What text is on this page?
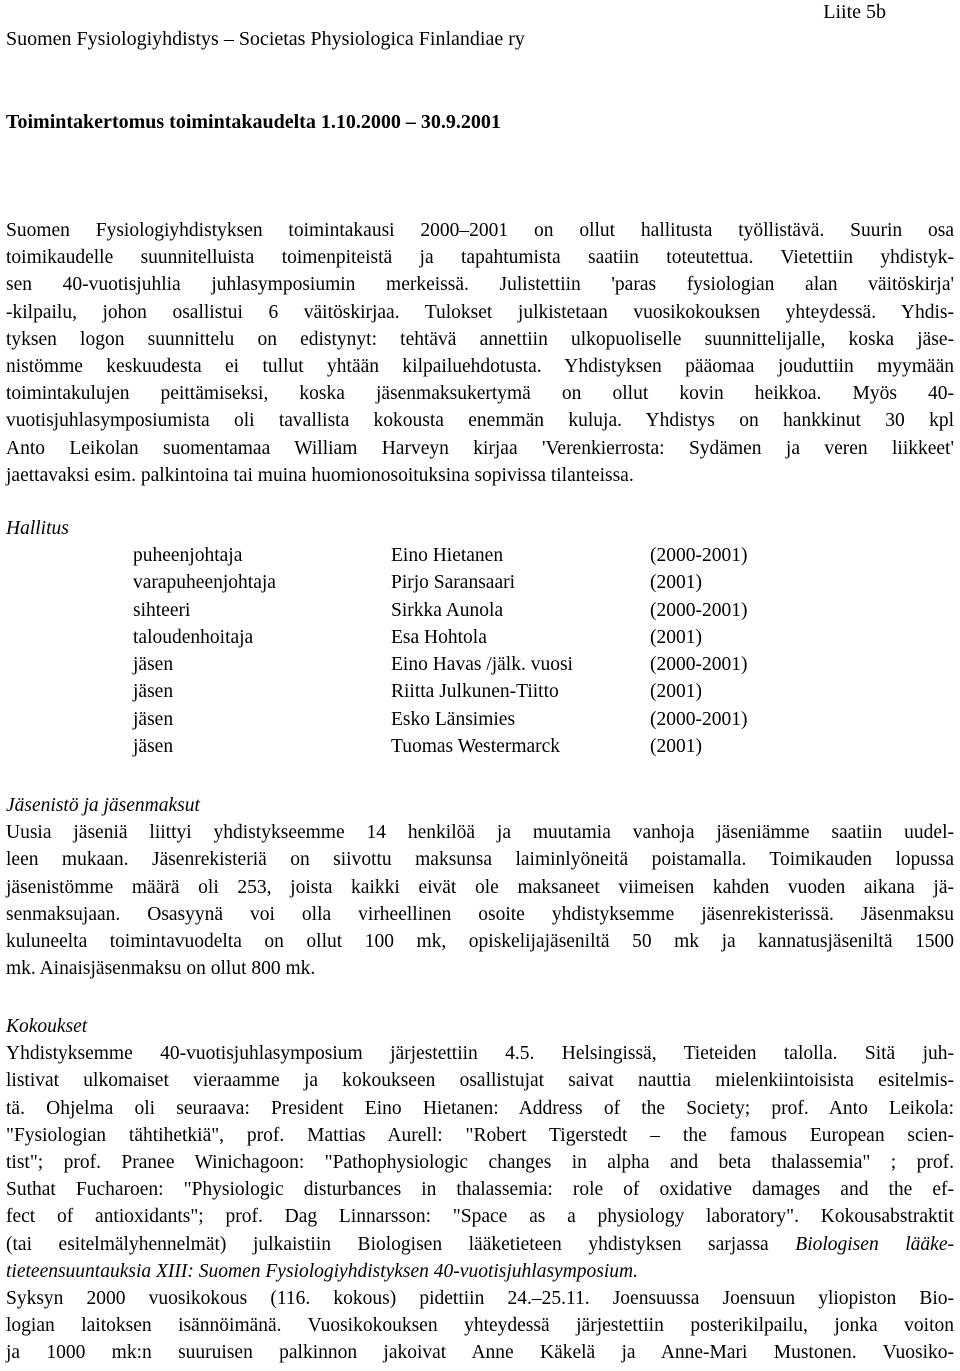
Liite 5b
Suomen Fysiologiyhdistys – Societas Physiologica Finlandiae ry
Toimintakertomus toimintakaudelta 1.10.2000 – 30.9.2001

Suomen Fysiologiyhdistyksen toimintakausi 2000–2001 on ollut hallitusta työllistävä. Suurin osa

toimikaudelle suunnitelluista toimenpiteistä ja tapahtumista saatiin toteutettua. Vietettiin yhdistyk-

sen 40-vuotisjuhlia juhlasymposiumin merkeissä. Julistettiin 'paras fysiologian alan väitöskirja'

-kilpailu, johon osallistui 6 väitöskirjaa. Tulokset julkistetaan vuosikokouksen yhteydessä. Yhdis-

tyksen logon suunnittelu on edistynyt: tehtävä annettiin ulkopuoliselle suunnittelijalle, koska jäse-

nistömme keskuudesta ei tullut yhtään kilpailuehdotusta. Yhdistyksen pääomaa jouduttiin myymään

toimintakulujen peittämiseksi, koska jäsenmaksukertymä on ollut kovin heikkoa. Myös 40-

vuotisjuhlasymposiumista oli tavallista kokousta enemmän kuluja. Yhdistys on hankkinut 30 kpl

Anto Leikolan suomentamaa William Harveyn kirjaa 'Verenkierrosta: Sydämen ja veren liikkeet'

jaettavaksi esim. palkintoina tai muina huomionosoituksina sopivissa tilanteissa.

Hallitus
puheenjohtaja	Eino Hietanen	(2000-2001)
varapuheenjohtaja	Pirjo Saransaari	(2001)
sihteeri	Sirkka Aunola	(2000-2001)
taloudenhoitaja	Esa Hohtola	(2001)
jäsen	Eino Havas /jälk. vuosi	(2000-2001)
jäsen	Riitta Julkunen-Tiitto	(2001)
jäsen	Esko Länsimies	(2000-2001)
jäsen	Tuomas Westermarck	(2001)

Jäsenistö ja jäsenmaksut

Uusia jäseniä liittyi yhdistykseemme 14 henkilöä ja muutamia vanhoja jäseniämme saatiin uudel-

leen mukaan. Jäsenrekisteriä on siivottu maksunsa laiminlyöneitä poistamalla. Toimikauden lopussa

jäsenistömme määrä oli 253, joista kaikki eivät ole maksaneet viimeisen kahden vuoden aikana jä-

senmaksujaan. Osasyynä voi olla virheellinen osoite yhdistyksemme jäsenrekisterissä. Jäsenmaksu

kuluneelta toimintavuodelta on ollut 100 mk, opiskelijajäseniltä 50 mk ja kannatusjäseniltä 1500

mk. Ainaisjäsenmaksu on ollut 800 mk.

Kokoukset

Yhdistyksemme 40-vuotisjuhlasymposium järjestettiin 4.5. Helsingissä, Tieteiden talolla. Sitä juh-

listivat ulkomaiset vieraamme ja kokoukseen osallistujat saivat nauttia mielenkiintoisista esitelmis-

tä. Ohjelma oli seuraava: President Eino Hietanen: Address of the Society; prof. Anto Leikola:

"Fysiologian tähtihetkiä", prof. Mattias Aurell: "Robert Tigerstedt – the famous European scien-

tist"; prof. Pranee Winichagoon: "Pathophysiologic changes in alpha and beta thalassemia" ; prof.

Suthat Fucharoen: "Physiologic disturbances in thalassemia: role of oxidative damages and the ef-

fect of antioxidants"; prof. Dag Linnarsson: "Space as a physiology laboratory". Kokousabstraktit

(tai esitelmälyhennelmät) julkaistiin Biologisen lääketieteen yhdistyksen sarjassa Biologisen lääke-

tieteensuuntauksia XIII: Suomen Fysiologiyhdistyksen 40-vuotisjuhlasymposium.

Syksyn 2000 vuosikokous (116. kokous) pidettiin 24.–25.11. Joensuussa Joensuun yliopiston Bio-

logian laitoksen isännöimänä. Vuosikokouksen yhteydessä järjestettiin posterikilpailu, jonka voiton

ja 1000 mk:n suuruisen palkinnon jakoivat Anne Käkelä ja Anne-Mari Mustonen. Vuosiko-
